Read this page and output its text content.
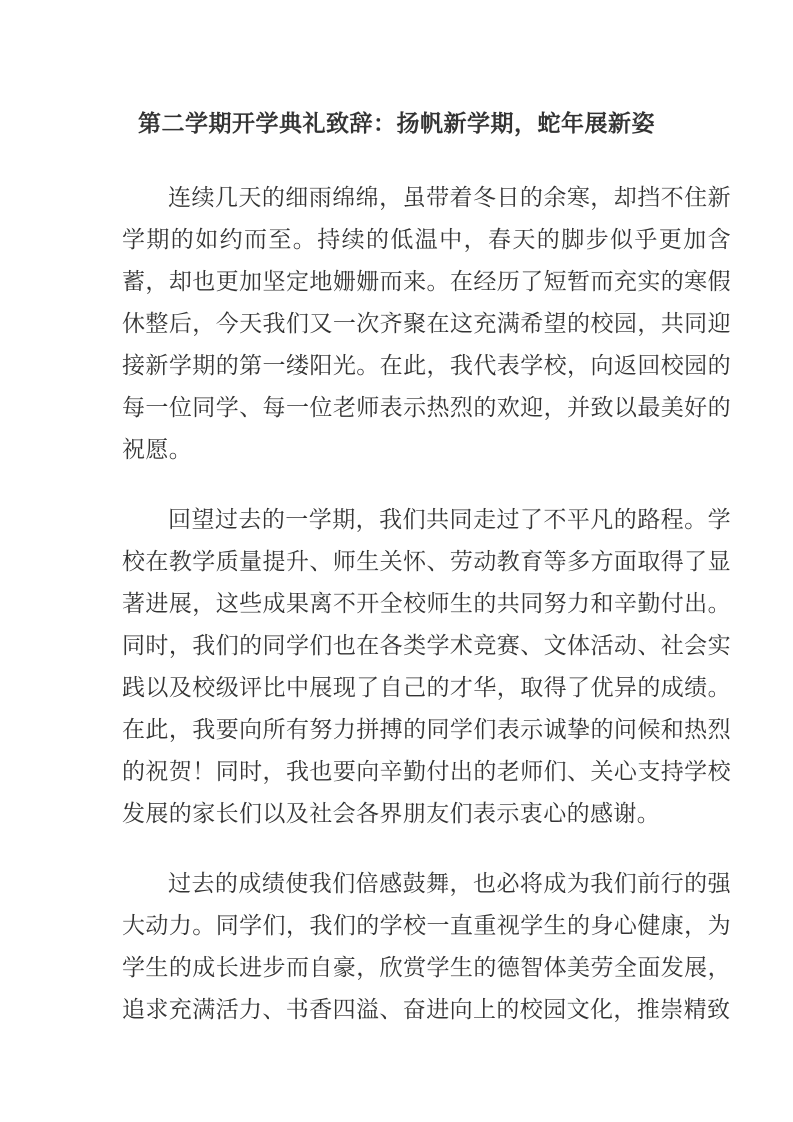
第二学期开学典礼致辞：扬帆新学期，蛇年展新姿

连续几天的细雨绵绵，虽带着冬日的余寒，却挡不住新学期的如约而至。持续的低温中，春天的脚步似乎更加含蓄，却也更加坚定地姗姗而来。在经历了短暂而充实的寒假休整后，今天我们又一次齐聚在这充满希望的校园，共同迎接新学期的第一缕阳光。在此，我代表学校，向返回校园的每一位同学、每一位老师表示热烈的欢迎，并致以最美好的祝愿。

回望过去的一学期，我们共同走过了不平凡的路程。学校在教学质量提升、师生关怀、劳动教育等多方面取得了显著进展，这些成果离不开全校师生的共同努力和辛勤付出。同时，我们的同学们也在各类学术竞赛、文体活动、社会实践以及校级评比中展现了自己的才华，取得了优异的成绩。在此，我要向所有努力拼搏的同学们表示诚挚的问候和热烈的祝贺！同时，我也要向辛勤付出的老师们、关心支持学校发展的家长们以及社会各界朋友们表示衷心的感谢。

过去的成绩使我们倍感鼓舞，也必将成为我们前行的强大动力。同学们，我们的学校一直重视学生的身心健康，为学生的成长进步而自豪，欣赏学生的德智体美劳全面发展，追求充满活力、书香四溢、奋进向上的校园文化，推崇精致
